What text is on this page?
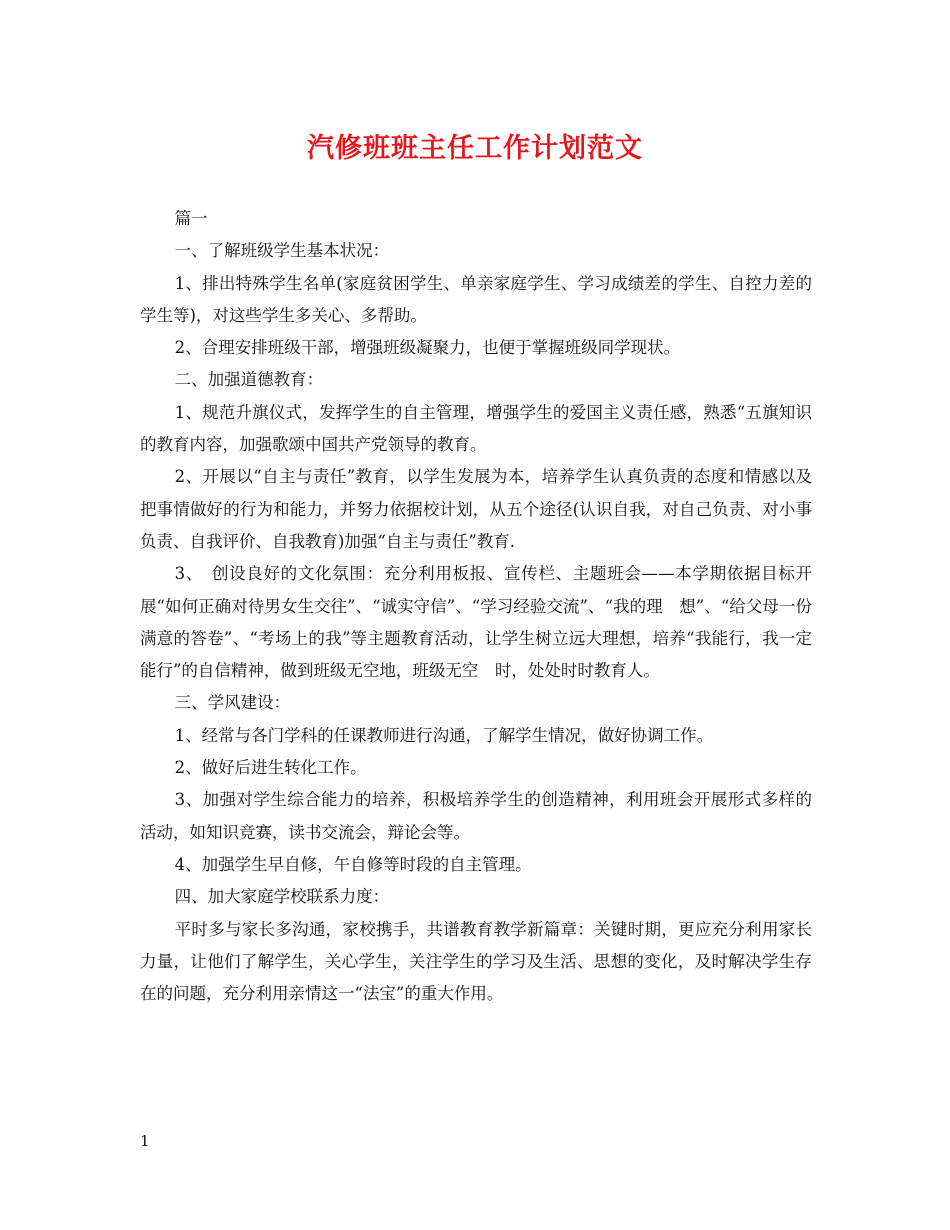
汽修班班主任工作计划范文

篇一

一、了解班级学生基本状况：

1、排出特殊学生名单(家庭贫困学生、单亲家庭学生、学习成绩差的学生、自控力差的学生等)，对这些学生多关心、多帮助。

2、合理安排班级干部，增强班级凝聚力，也便于掌握班级同学现状。

二、加强道德教育：

1、规范升旗仪式，发挥学生的自主管理，增强学生的爱国主义责任感，熟悉“五旗知识的教育内容，加强歌颂中国共产党领导的教育。

2、开展以“自主与责任”教育，以学生发展为本，培养学生认真负责的态度和情感以及把事情做好的行为和能力，并努力依据校计划，从五个途径(认识自我，对自己负责、对小事负责、自我评价、自我教育)加强“自主与责任”教育.

3、　创设良好的文化氛围：充分利用板报、宣传栏、主题班会——本学期依据目标开展“如何正确对待男女生交往”、“诚实守信”、“学习经验交流”、“我的理　想”、“给父母一份满意的答卷”、“考场上的我”等主题教育活动，让学生树立远大理想，培养“我能行，我一定能行”的自信精神，做到班级无空地，班级无空　时，处处时时教育人。

三、学风建设：

1、经常与各门学科的任课教师进行沟通，了解学生情况，做好协调工作。

2、做好后进生转化工作。

3、加强对学生综合能力的培养，积极培养学生的创造精神，利用班会开展形式多样的活动，如知识竞赛，读书交流会，辩论会等。

4、加强学生早自修，午自修等时段的自主管理。

四、加大家庭学校联系力度：

平时多与家长多沟通，家校携手，共谱教育教学新篇章：关键时期，更应充分利用家长力量，让他们了解学生，关心学生，关注学生的学习及生活、思想的变化，及时解决学生存在的问题，充分利用亲情这一“法宝”的重大作用。

1
